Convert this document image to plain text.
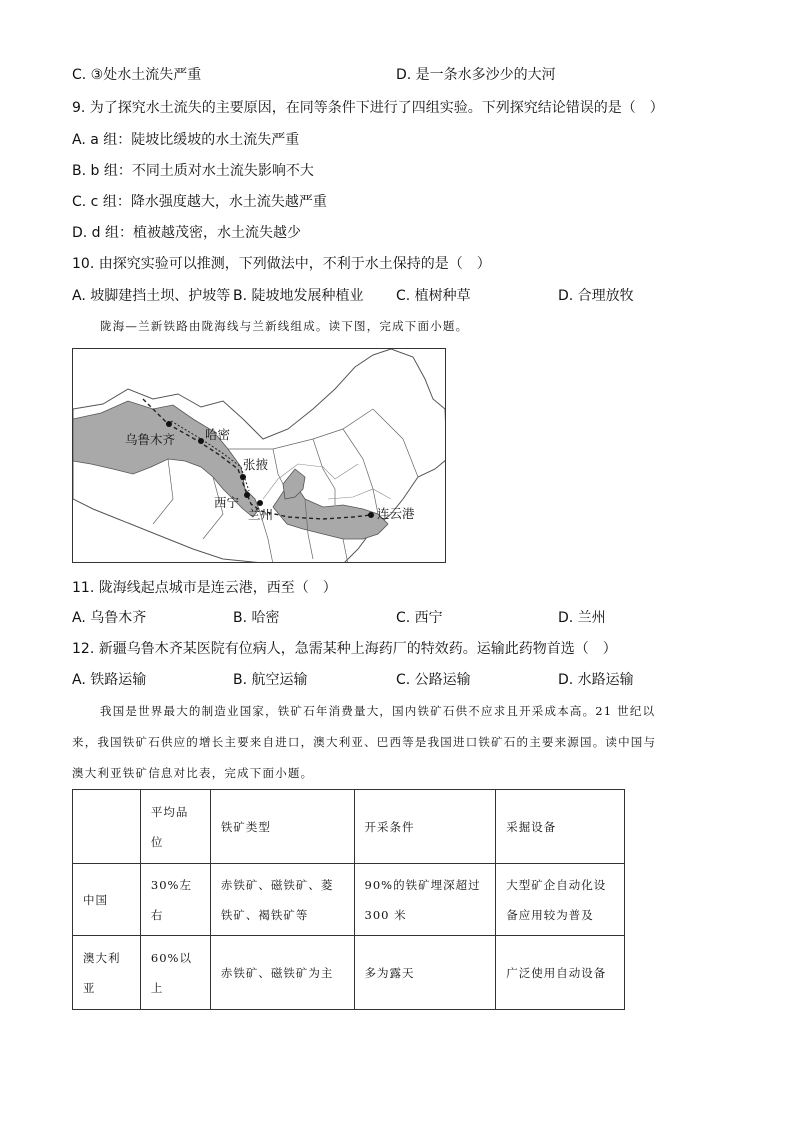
C. ③处水土流失严重	D. 是一条水多沙少的大河
9. 为了探究水土流失的主要原因，在同等条件下进行了四组实验。下列探究结论错误的是（　）
A. a 组：陡坡比缓坡的水土流失严重
B. b 组：不同土质对水土流失影响不大
C. c 组：降水强度越大，水土流失越严重
D. d 组：植被越茂密，水土流失越少
10. 由探究实验可以推测，下列做法中，不利于水土保持的是（　）
A. 坡脚建挡土坝、护坡等 B. 陡坡地发展种植业 C. 植树种草	D. 合理放牧
陇海—兰新铁路由陇海线与兰新线组成。读下图，完成下面小题。
乌鲁木齐 哈密
张掖
西宁
兰州	连云港
11. 陇海线起点城市是连云港，西至（　）
A. 乌鲁木齐	B. 哈密	C. 西宁	D. 兰州
12. 新疆乌鲁木齐某医院有位病人，急需某种上海药厂的特效药。运输此药物首选（　）
A. 铁路运输	B. 航空运输	C. 公路运输	D. 水路运输
我国是世界最大的制造业国家，铁矿石年消费量大，国内铁矿石供不应求且开采成本高。21 世纪以
来，我国铁矿石供应的增长主要来自进口，澳大利亚、巴西等是我国进口铁矿石的主要来源国。读中国与
澳大利亚铁矿信息对比表，完成下面小题。
	平均品位	铁矿类型	开采条件	采掘设备
中国	30%左右	赤铁矿、磁铁矿、菱铁矿、褐铁矿等	90%的铁矿埋深超过 300 米	大型矿企自动化设备应用较为普及
澳大利亚	60%以上	赤铁矿、磁铁矿为主	多为露天	广泛使用自动设备
